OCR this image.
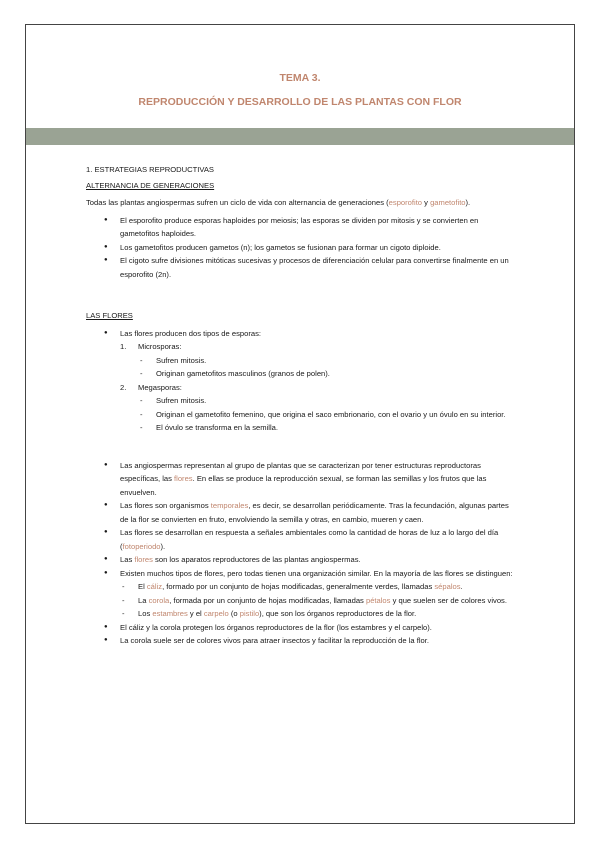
TEMA 3.
REPRODUCCIÓN Y DESARROLLO DE LAS PLANTAS CON FLOR

1. ESTRATEGIAS REPRODUCTIVAS

ALTERNANCIA DE GENERACIONES

Todas las plantas angiospermas sufren un ciclo de vida con alternancia de generaciones (esporofito y gametofito).

● El esporofito produce esporas haploides por meiosis; las esporas se dividen por mitosis y se convierten en gametofitos haploides.
● Los gametofitos producen gametos (n); los gametos se fusionan para formar un cigoto diploide.
● El cigoto sufre divisiones mitóticas sucesivas y procesos de diferenciación celular para convertirse finalmente en un esporofito (2n).

LAS FLORES

● Las flores producen dos tipos de esporas:
1. Microsporas:
- Sufren mitosis.
- Originan gametofitos masculinos (granos de polen).
2. Megasporas:
- Sufren mitosis.
- Originan el gametofito femenino, que origina el saco embrionario, con el ovario y un óvulo en su interior.
- El óvulo se transforma en la semilla.
● Las angiospermas representan al grupo de plantas que se caracterizan por tener estructuras reproductoras específicas, las flores. En ellas se produce la reproducción sexual, se forman las semillas y los frutos que las envuelven.
● Las flores son organismos temporales, es decir, se desarrollan periódicamente. Tras la fecundación, algunas partes de la flor se convierten en fruto, envolviendo la semilla y otras, en cambio, mueren y caen.
● Las flores se desarrollan en respuesta a señales ambientales como la cantidad de horas de luz a lo largo del día (fotoperiodo).
● Las flores son los aparatos reproductores de las plantas angiospermas.
● Existen muchos tipos de flores, pero todas tienen una organización similar. En la mayoría de las flores se distinguen:
- El cáliz, formado por un conjunto de hojas modificadas, generalmente verdes, llamadas sépalos.
- La corola, formada por un conjunto de hojas modificadas, llamadas pétalos y que suelen ser de colores vivos.
- Los estambres y el carpelo (o pistilo), que son los órganos reproductores de la flor.
● El cáliz y la corola protegen los órganos reproductores de la flor (los estambres y el carpelo).
● La corola suele ser de colores vivos para atraer insectos y facilitar la reproducción de la flor.
